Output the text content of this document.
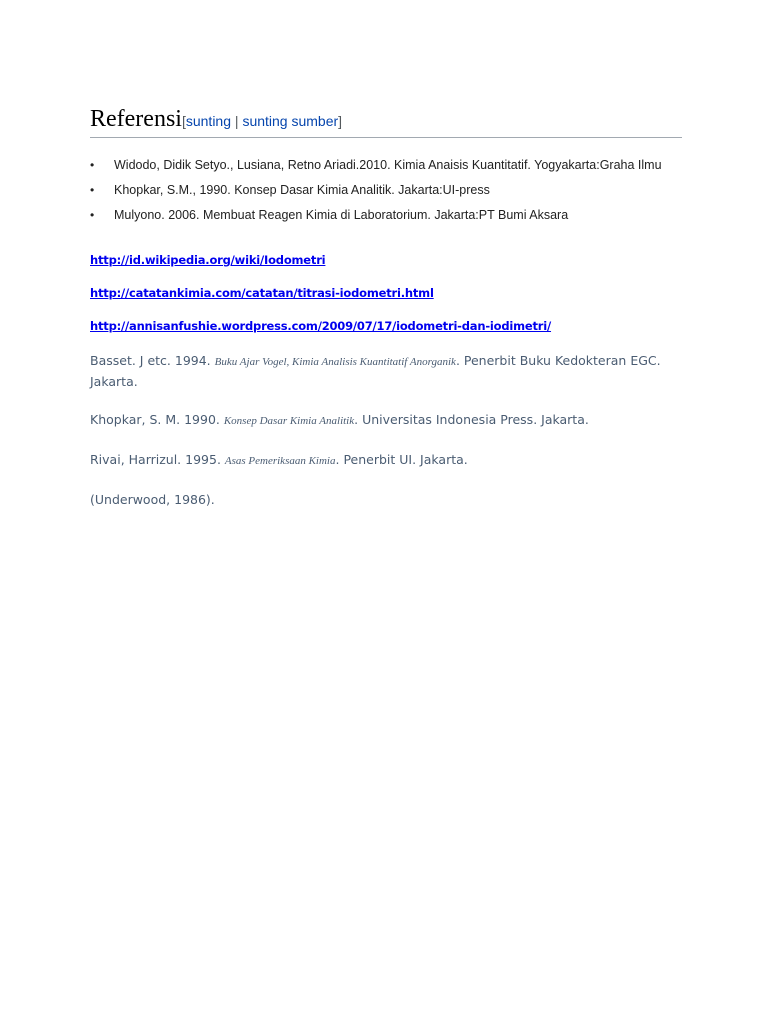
Referensi[sunting | sunting sumber]
• Widodo, Didik Setyo., Lusiana, Retno Ariadi.2010. Kimia Anaisis Kuantitatif. Yogyakarta:Graha Ilmu
• Khopkar, S.M., 1990. Konsep Dasar Kimia Analitik. Jakarta:UI-press
• Mulyono. 2006. Membuat Reagen Kimia di Laboratorium. Jakarta:PT Bumi Aksara
http://id.wikipedia.org/wiki/Iodometri
http://catatankimia.com/catatan/titrasi-iodometri.html
http://annisanfushie.wordpress.com/2009/07/17/iodometri-dan-iodimetri/

Basset. J etc. 1994. Buku Ajar Vogel, Kimia Analisis Kuantitatif Anorganik. Penerbit Buku Kedokteran EGC. Jakarta.

Khopkar, S. M. 1990. Konsep Dasar Kimia Analitik. Universitas Indonesia Press. Jakarta.

Rivai, Harrizul. 1995. Asas Pemeriksaan Kimia. Penerbit UI. Jakarta.

(Underwood, 1986).
